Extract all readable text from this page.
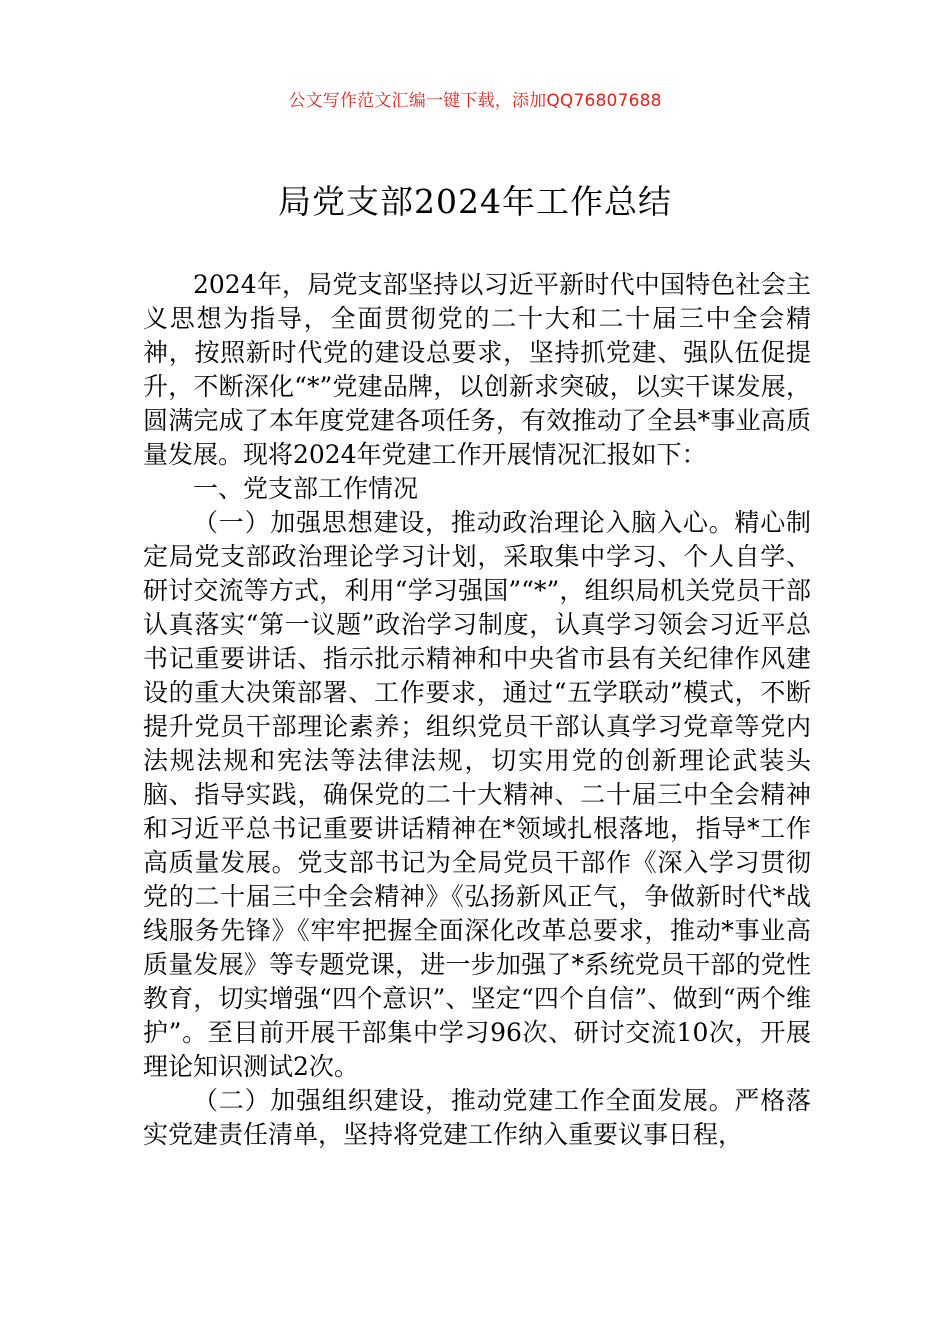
公文写作范文汇编一键下载，添加QQ76807688
局党支部2024年工作总结

2024年，局党支部坚持以习近平新时代中国特色社会主义思想为指导，全面贯彻党的二十大和二十届三中全会精神，按照新时代党的建设总要求，坚持抓党建、强队伍促提升，不断深化“*”党建品牌，以创新求突破，以实干谋发展，圆满完成了本年度党建各项任务，有效推动了全县*事业高质量发展。现将2024年党建工作开展情况汇报如下：

一、党支部工作情况

（一）加强思想建设，推动政治理论入脑入心。精心制定局党支部政治理论学习计划，采取集中学习、个人自学、研讨交流等方式，利用“学习强国”“*”，组织局机关党员干部认真落实“第一议题”政治学习制度，认真学习领会习近平总书记重要讲话、指示批示精神和中央省市县有关纪律作风建设的重大决策部署、工作要求，通过“五学联动”模式，不断提升党员干部理论素养；组织党员干部认真学习党章等党内法规法规和宪法等法律法规，切实用党的创新理论武装头脑、指导实践，确保党的二十大精神、二十届三中全会精神和习近平总书记重要讲话精神在*领域扎根落地，指导*工作高质量发展。党支部书记为全局党员干部作《深入学习贯彻党的二十届三中全会精神》《弘扬新风正气，争做新时代*战线服务先锋》《牢牢把握全面深化改革总要求，推动*事业高质量发展》等专题党课，进一步加强了*系统党员干部的党性教育，切实增强“四个意识”、坚定“四个自信”、做到“两个维护”。至目前开展干部集中学习96次、研讨交流10次，开展理论知识测试2次。

（二）加强组织建设，推动党建工作全面发展。严格落实党建责任清单，坚持将党建工作纳入重要议事日程，
